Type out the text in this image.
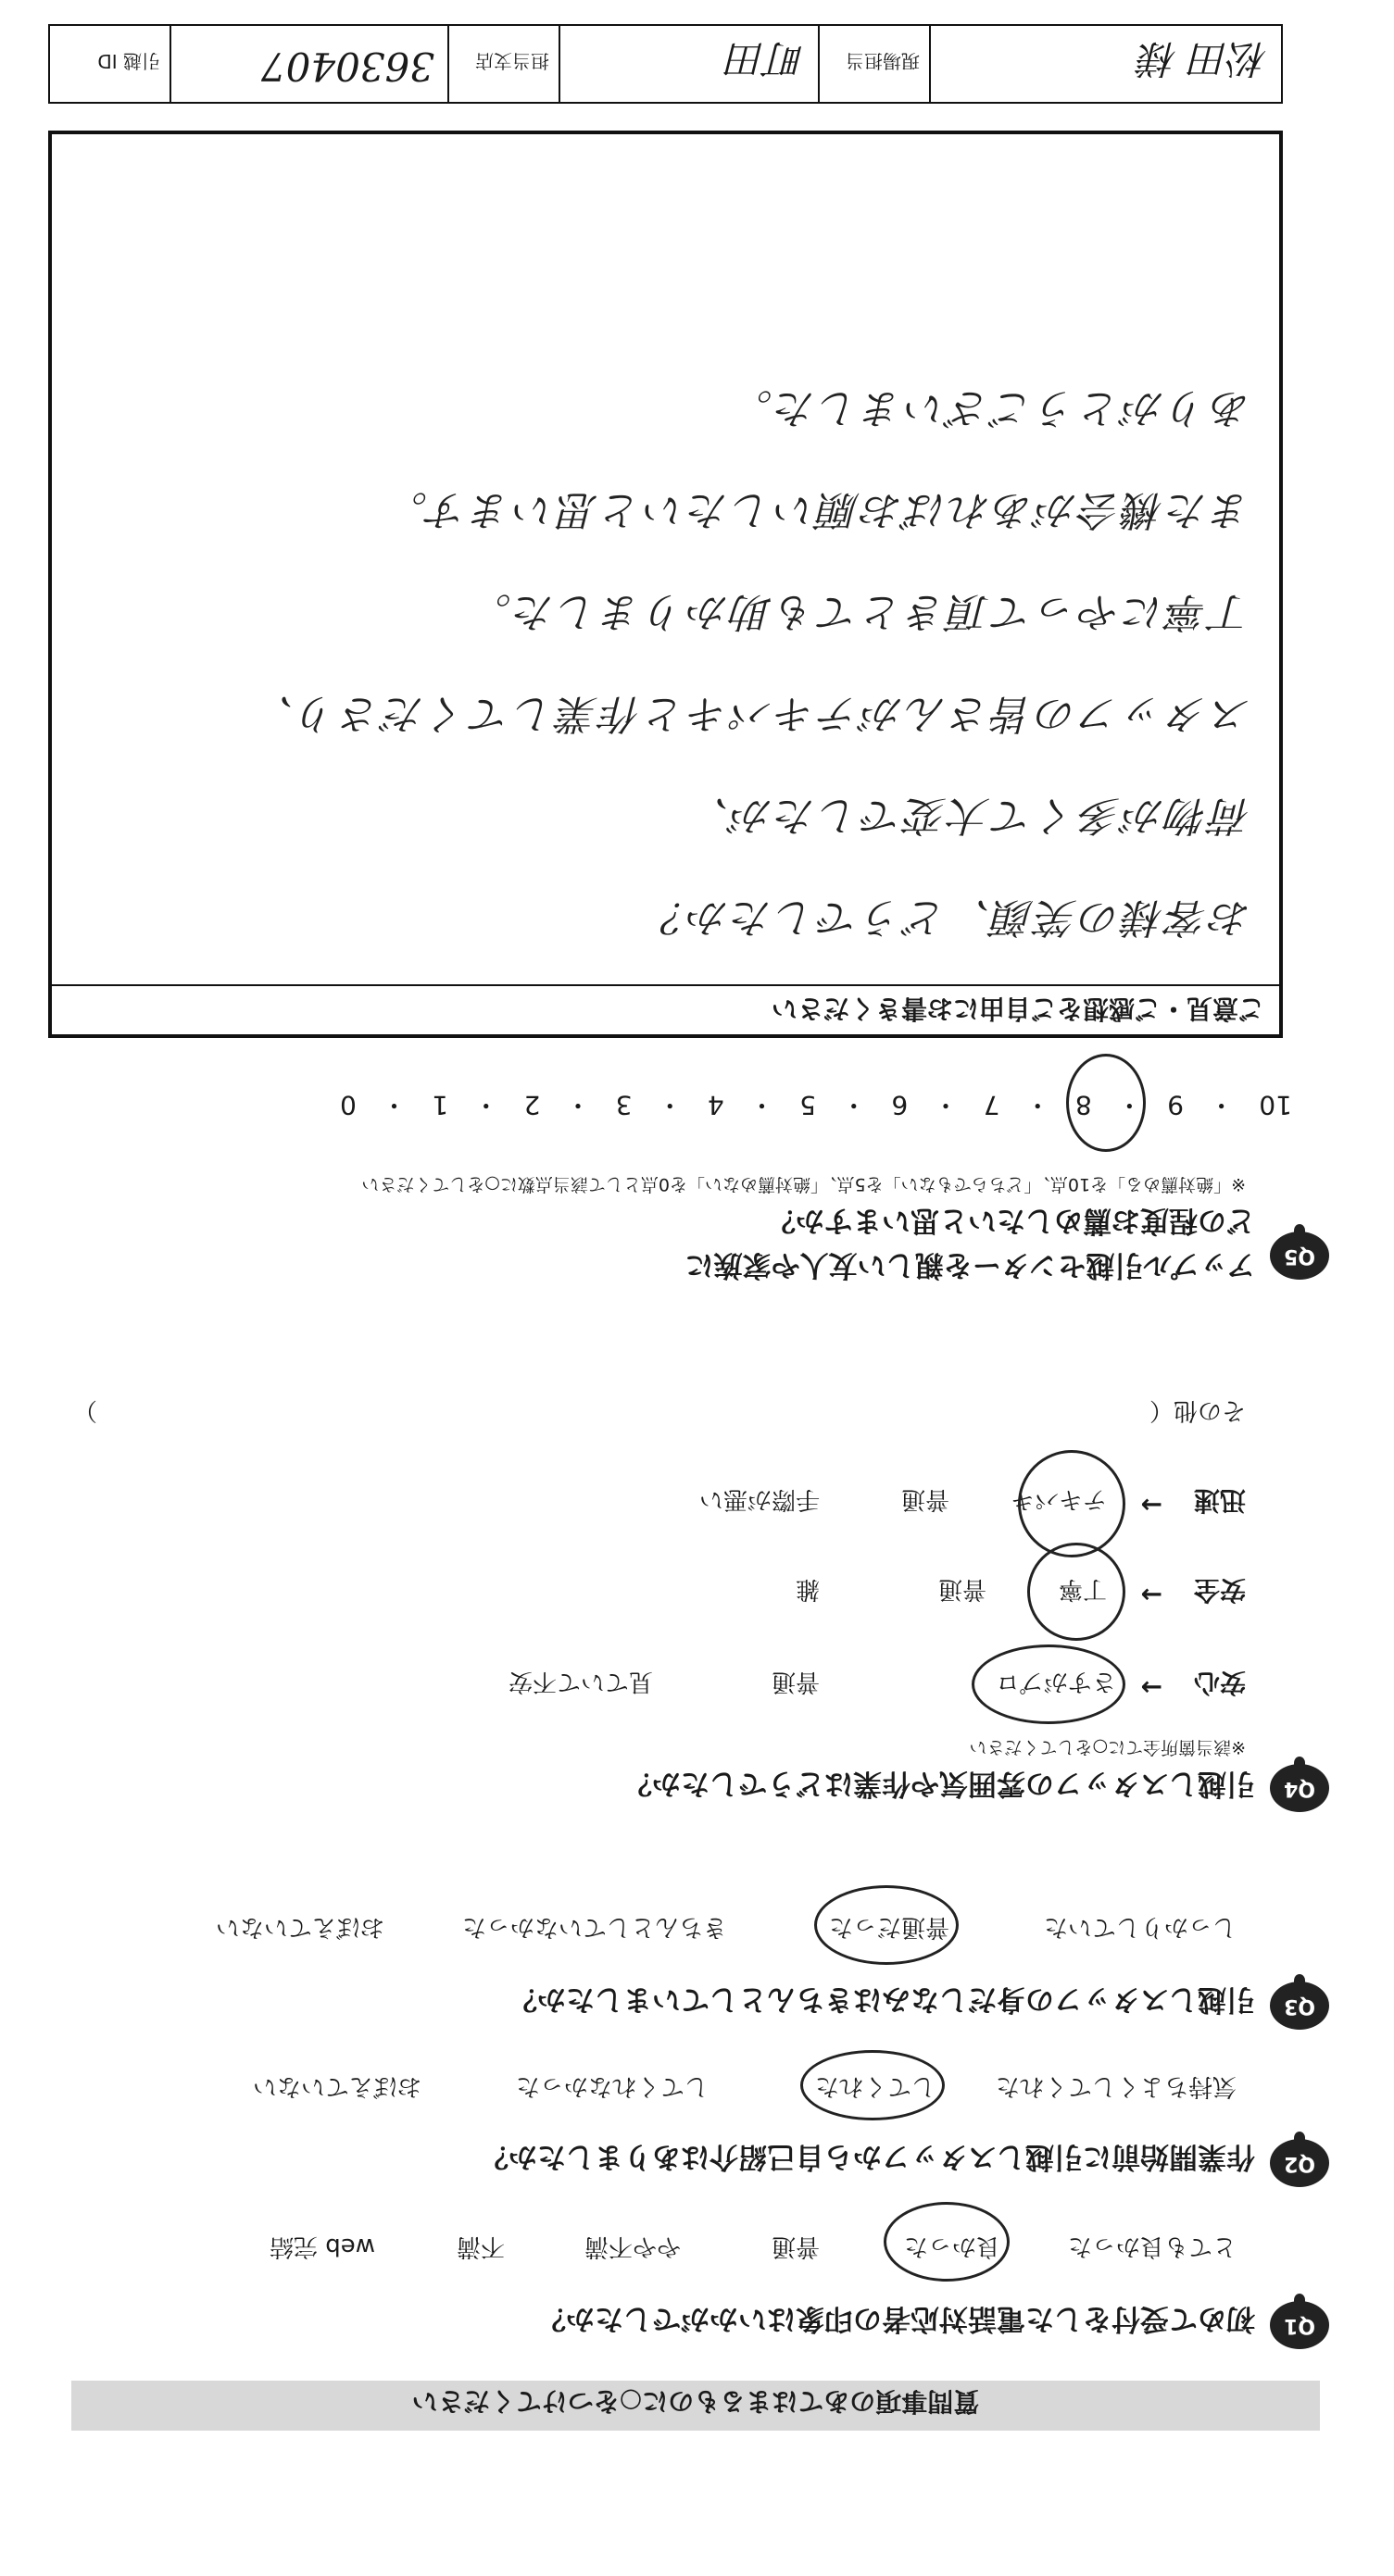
質問事項のあてはまるものに○をつけてください
Q1
初めて受付をした電話対応者の印象はいかがでしたか？
とても良かった
良かった
普通
やや不満
不満
web 完結
Q2
作業開始前に引越しスタッフから自己紹介はありましたか？
気持ちよくしてくれた
してくれた
してくれなかった
おぼえていない
Q3
引越しスタッフの身だしなみはきちんとしていましたか？
しっかりしていた
普通だった
きちんとしていなかった
おぼえていない
Q4
引越しスタッフの雰囲気や作業はどうでしたか？
※該当箇所全てに○をしてください
安心
→
さすがプロ
普通
見ていて不安
安全
→
丁寧
普通
雑
迅速
→
テキパキ
普通
手際が悪い
その他（
）
Q5
アップル引越センターを親しい友人や家族に
どの程度お薦めしたいと思いますか？
※「絶対薦める」を10点、「どちらでもない」を5点、「絶対薦めない」を0点として該当点数に○をしてください
10   ・   9   ・   8   ・   7   ・   6   ・   5   ・   4   ・   3   ・   2   ・   1   ・   0
ご意見・ご感想をご自由にお書きください
お客様の笑顔、どうでしたか？
荷物が多くて大変でしたが、
スタッフの皆さんがテキパキと作業してくださり、
丁寧にやって頂きとても助かりました。
また機会があればお願いしたいと思います。
ありがとうございました。
松田 様
現場担当
町田
担当支店
3630407
引越 ID
